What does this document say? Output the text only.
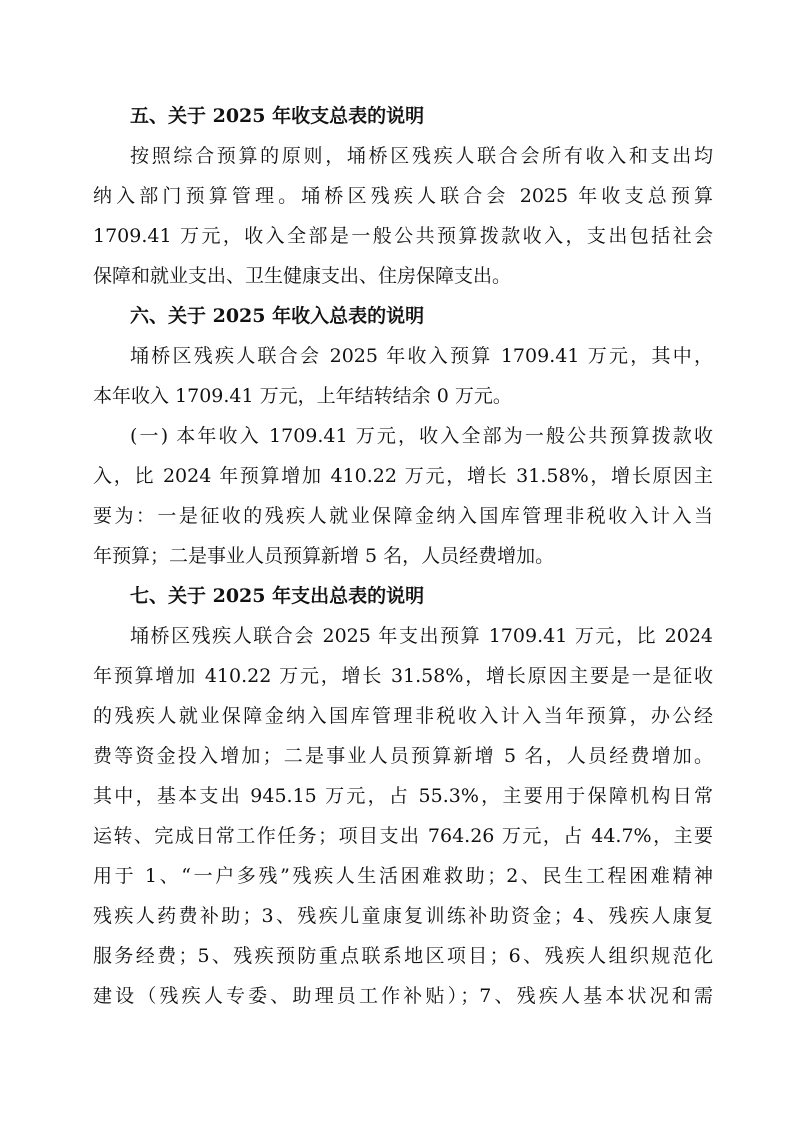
五、关于 2025 年收支总表的说明
按照综合预算的原则，埇桥区残疾人联合会所有收入和支出均
纳入部门预算管理。埇桥区残疾人联合会 2025 年收支总预算
1709.41 万元，收入全部是一般公共预算拨款收入，支出包括社会
保障和就业支出、卫生健康支出、住房保障支出。
六、关于 2025 年收入总表的说明
埇桥区残疾人联合会 2025 年收入预算 1709.41 万元，其中，
本年收入 1709.41 万元，上年结转结余 0 万元。
(一) 本年收入 1709.41 万元，收入全部为一般公共预算拨款收
入，比 2024 年预算增加 410.22 万元，增长 31.58%，增长原因主
要为：一是征收的残疾人就业保障金纳入国库管理非税收入计入当
年预算；二是事业人员预算新增 5 名，人员经费增加。
七、关于 2025 年支出总表的说明
埇桥区残疾人联合会 2025 年支出预算 1709.41 万元，比 2024
年预算增加 410.22 万元，增长 31.58%，增长原因主要是一是征收
的残疾人就业保障金纳入国库管理非税收入计入当年预算，办公经
费等资金投入增加；二是事业人员预算新增 5 名，人员经费增加。
其中，基本支出 945.15 万元，占 55.3%，主要用于保障机构日常
运转、完成日常工作任务；项目支出 764.26 万元，占 44.7%，主要
用于 1、“一户多残”残疾人生活困难救助；2、民生工程困难精神
残疾人药费补助；3、残疾儿童康复训练补助资金；4、残疾人康复
服务经费；5、残疾预防重点联系地区项目；6、残疾人组织规范化
建设（残疾人专委、助理员工作补贴）；7、残疾人基本状况和需
